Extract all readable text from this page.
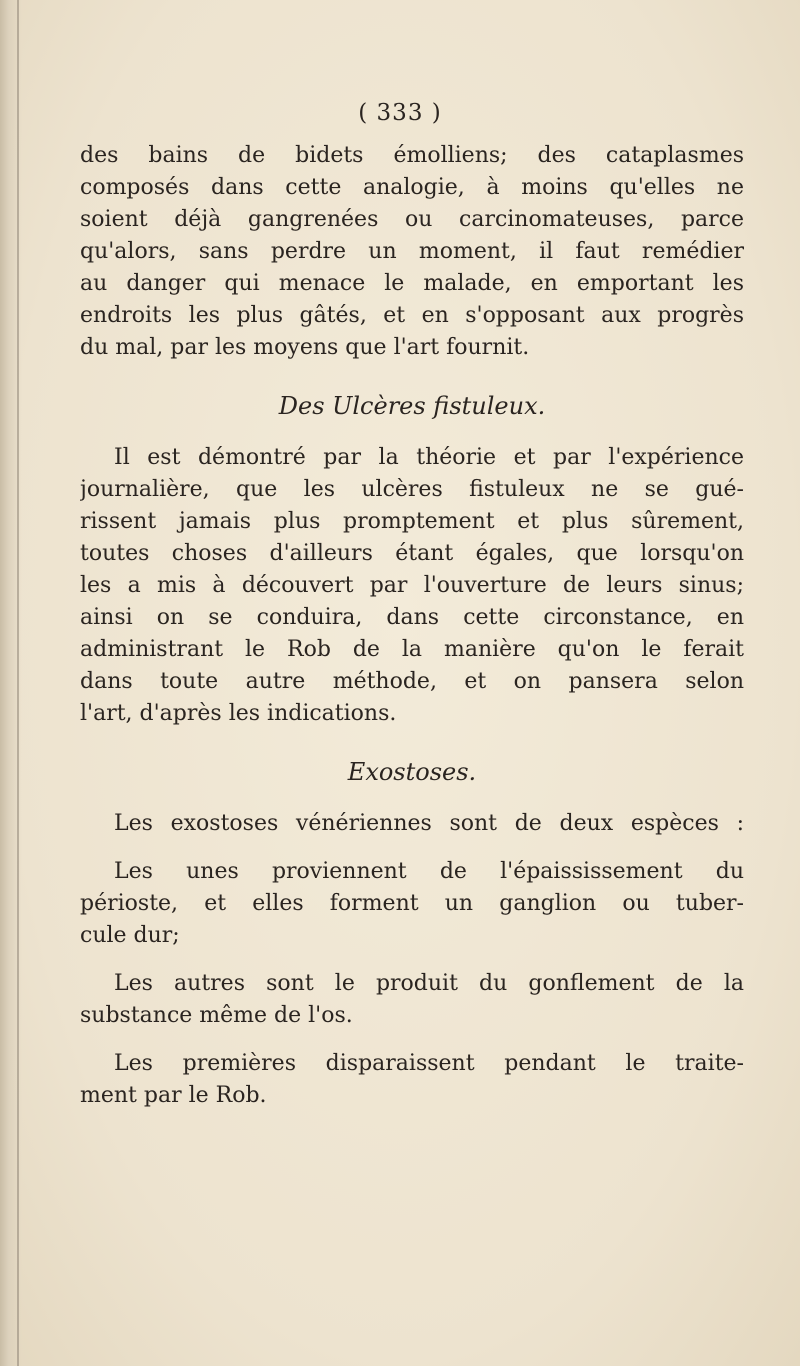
( 333 )
des bains de bidets émolliens; des cataplasmes
composés dans cette analogie, à moins qu'elles ne
soient déjà gangrenées ou carcinomateuses, parce
qu'alors, sans perdre un moment, il faut remédier
au danger qui menace le malade, en emportant les
endroits les plus gâtés, et en s'opposant aux progrès
du mal, par les moyens que l'art fournit.
Des Ulcères fistuleux.
Il est démontré par la théorie et par l'expérience
journalière, que les ulcères fistuleux ne se gué-
rissent jamais plus promptement et plus sûrement,
toutes choses d'ailleurs étant égales, que lorsqu'on
les a mis à découvert par l'ouverture de leurs sinus;
ainsi on se conduira, dans cette circonstance, en
administrant le Rob de la manière qu'on le ferait
dans toute autre méthode, et on pansera selon
l'art, d'après les indications.
Exostoses.
Les exostoses vénériennes sont de deux espèces :
Les unes proviennent de l'épaississement du
périoste, et elles forment un ganglion ou tuber-
cule dur;
Les autres sont le produit du gonflement de la
substance même de l'os.
Les premières disparaissent pendant le traite-
ment par le Rob.
